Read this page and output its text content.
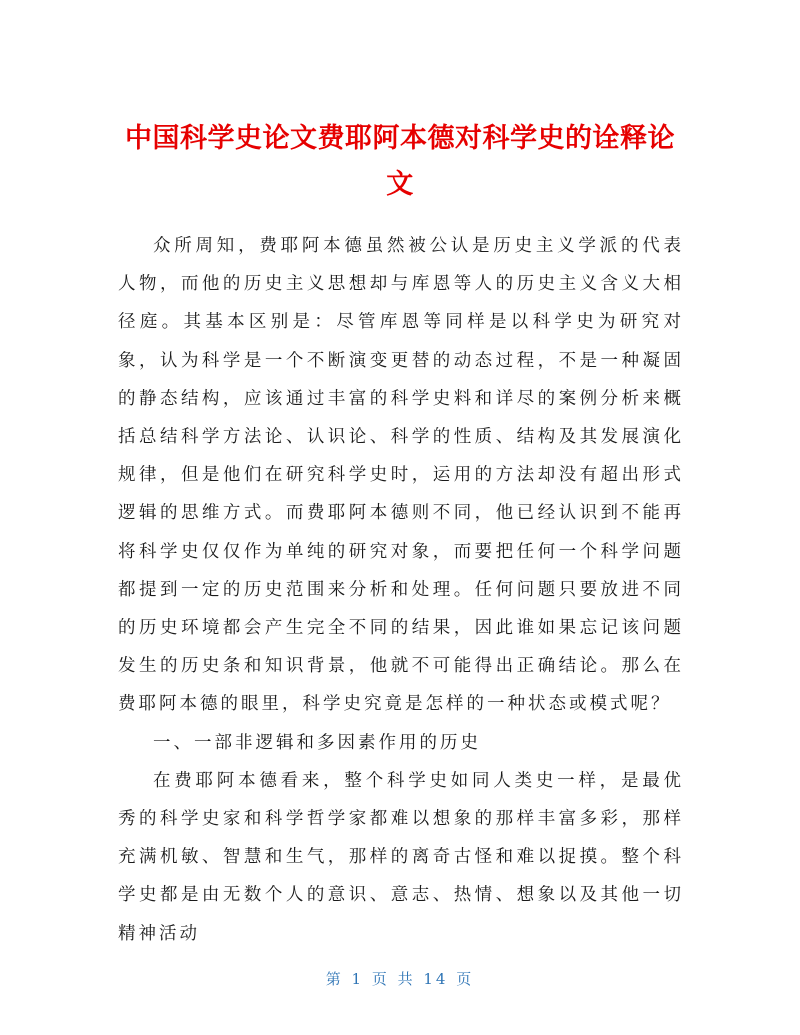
中国科学史论文费耶阿本德对科学史的诠释论文

众所周知，费耶阿本德虽然被公认是历史主义学派的代表人物，而他的历史主义思想却与库恩等人的历史主义含义大相径庭。其基本区别是：尽管库恩等同样是以科学史为研究对象，认为科学是一个不断演变更替的动态过程，不是一种凝固的静态结构，应该通过丰富的科学史料和详尽的案例分析来概括总结科学方法论、认识论、科学的性质、结构及其发展演化规律，但是他们在研究科学史时，运用的方法却没有超出形式逻辑的思维方式。而费耶阿本德则不同，他已经认识到不能再将科学史仅仅作为单纯的研究对象，而要把任何一个科学问题都提到一定的历史范围来分析和处理。任何问题只要放进不同的历史环境都会产生完全不同的结果，因此谁如果忘记该问题发生的历史条和知识背景，他就不可能得出正确结论。那么在费耶阿本德的眼里，科学史究竟是怎样的一种状态或模式呢？

一、一部非逻辑和多因素作用的历史

在费耶阿本德看来，整个科学史如同人类史一样，是最优秀的科学史家和科学哲学家都难以想象的那样丰富多彩，那样充满机敏、智慧和生气，那样的离奇古怪和难以捉摸。整个科学史都是由无数个人的意识、意志、热情、想象以及其他一切精神活动

第 1 页 共 14 页
